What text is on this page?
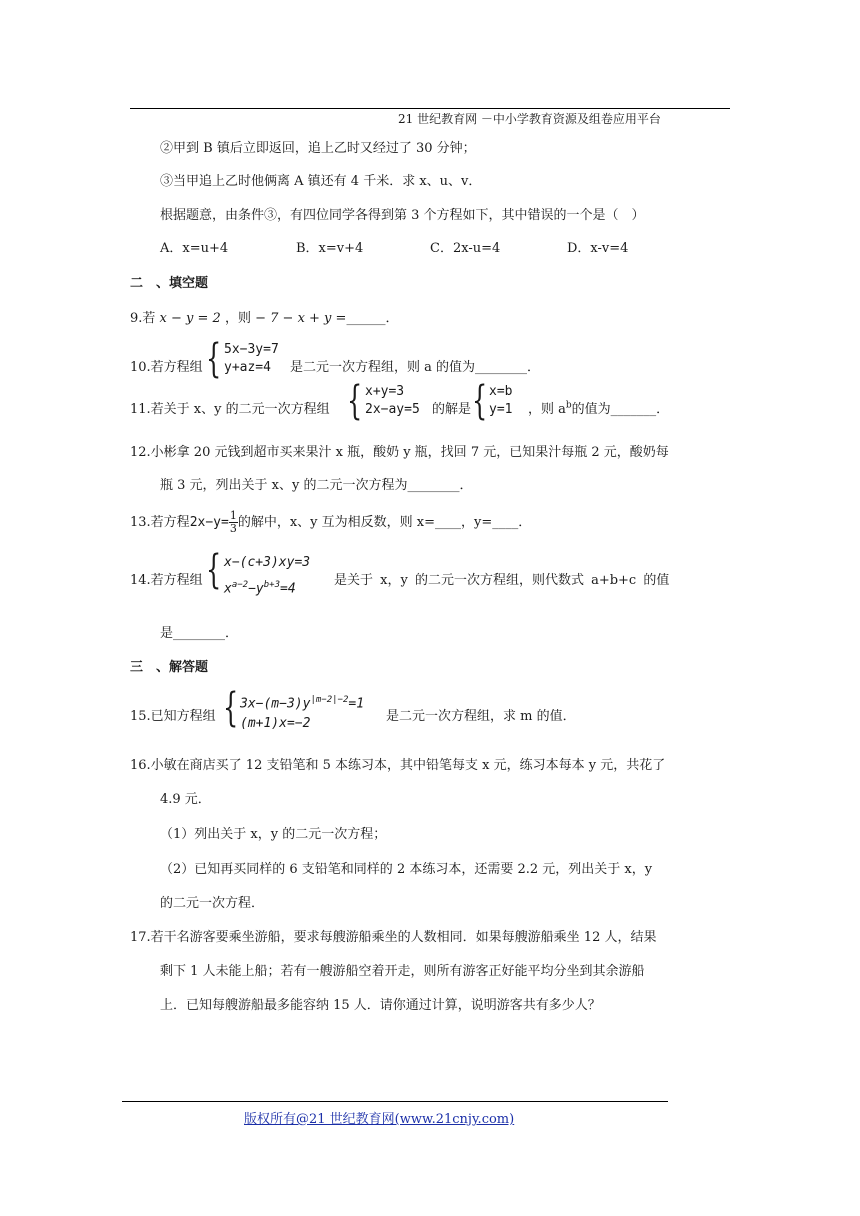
21 世纪教育网 －中小学教育资源及组卷应用平台
②甲到 B 镇后立即返回，追上乙时又经过了 30 分钟；
③当甲追上乙时他俩离 A 镇还有 4 千米．求 x、u、v．
根据题意，由条件③，有四位同学各得到第 3 个方程如下，其中错误的一个是（　）
A．x=u+4	B．x=v+4	C．2x-u=4	D．x-v=4
二　、填空题
9.若 x − y = 2 ，则 − 7 − x + y =______．
10.若方程组 { 5x−3y=7
y+az=4	是二元一次方程组，则 a 的值为________．
11.若关于 x、y 的二元一次方程组 { x+y=3
2x−ay=5 的解是 { x=b
y=1 ，则 $a^b$的值为_______．
12.小彬拿 20 元钱到超市买来果汁 x 瓶，酸奶 y 瓶，找回 7 元，已知果汁每瓶 2 元，酸奶每
瓶 3 元，列出关于 x、y 的二元一次方程为________．
13.若方程$2x-y= \frac{1}{3}$ 的解中，x、y 互为相反数，则 x=____，y=____．
14.若方程组 { x−(c+3)xy=3
$x^{a-2}-y^{b+3}=4$
是关于 x，y 的二元一次方程组，则代数式 a+b+c 的值
是________．
三　、解答题
15.已知方程组 { $3x-(m-3)y^{|m-2|-2}=1$
(m+1)x=−2	是二元一次方程组，求 m 的值．
16.小敏在商店买了 12 支铅笔和 5 本练习本，其中铅笔每支 x 元，练习本每本 y 元，共花了
4.9 元．
（1）列出关于 x，y 的二元一次方程；
（2）已知再买同样的 6 支铅笔和同样的 2 本练习本，还需要 2.2 元，列出关于 x，y
的二元一次方程．
17.若干名游客要乘坐游船，要求每艘游船乘坐的人数相同．如果每艘游船乘坐 12 人，结果
剩下 1 人未能上船；若有一艘游船空着开走，则所有游客正好能平均分坐到其余游船
上．已知每艘游船最多能容纳 15 人．请你通过计算，说明游客共有多少人？
版权所有@21 世纪教育网(www.21cnjy.com)
